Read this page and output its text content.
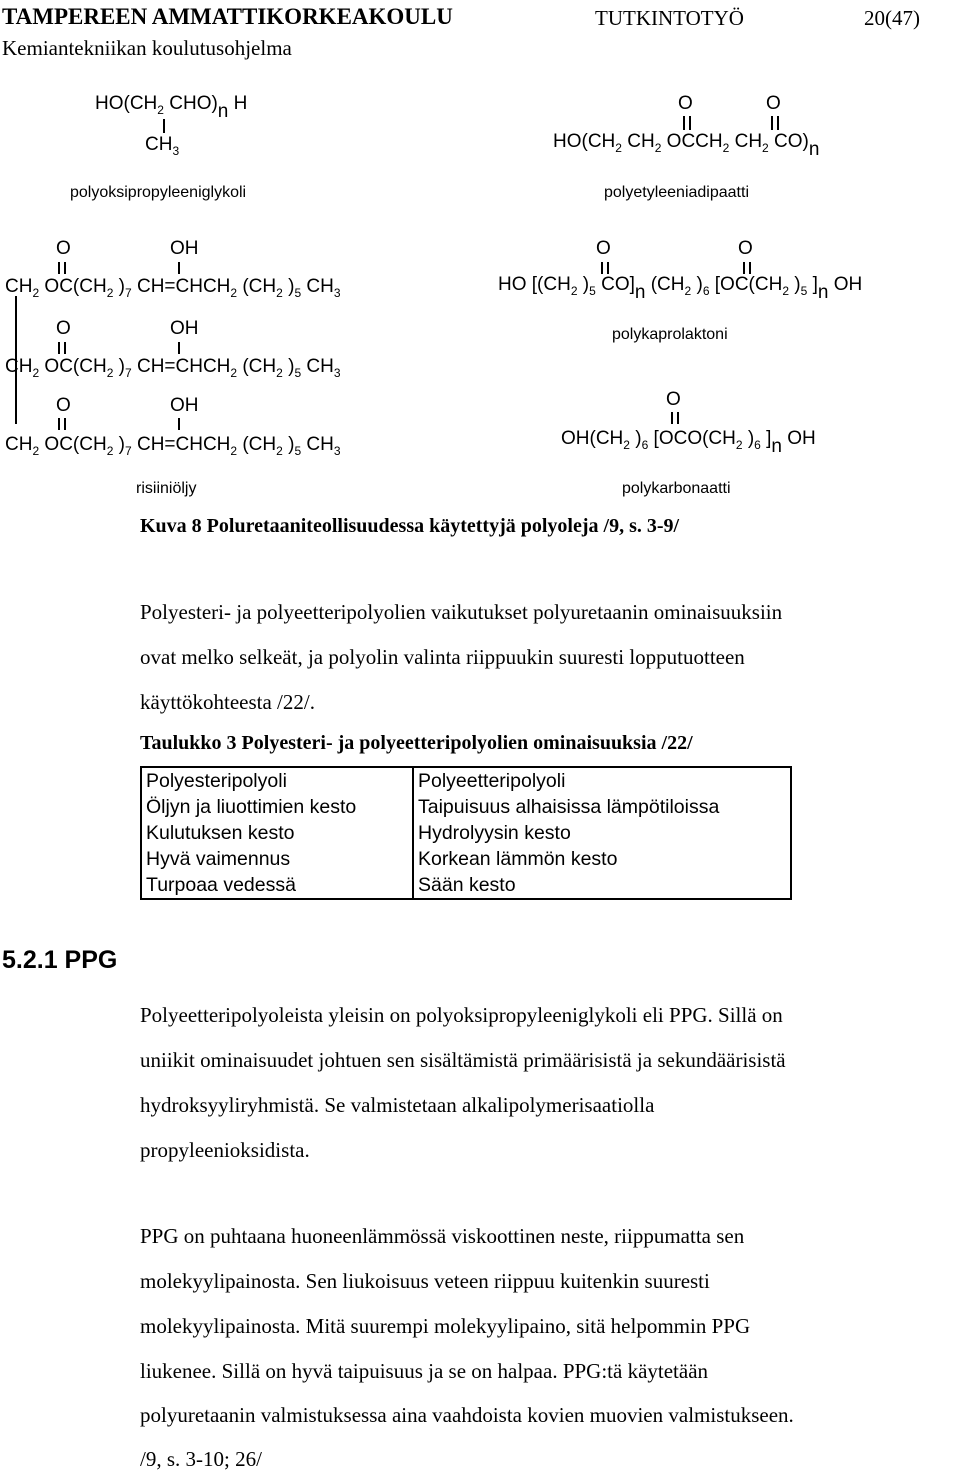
TAMPEREEN AMMATTIKORKEAKOULU	TUTKINTOTYÖ	20(47)
Kemiantekniikan koulutusohjelma
$HO(CH_2$ CHO)n H
$CH_3$
polyoksipropyleeniglykoli
O	O
$HO(CH_2$ $CH_2$ $OCCH_2$ $CH_2$ CO)n
polyetyleeniadipaatti
O	OH
$CH_2$ $OC(CH_2$ )$_7$ $CH=CHCH_2$ ($CH_2$ )$_5$ $CH_3$
O	OH
$CH_2$ $OC(CH_2$ )$_7$ $CH=CHCH_2$ ($CH_2$ )$_5$ $CH_3$
O	OH
$CH_2$ $OC(CH_2$ )$_7$ $CH=CHCH_2$ ($CH_2$ )$_5$ $CH_3$
risiiniöljy
O	O
HO [($CH_2$ )$_5$ CO]n ($CH_2$ )$_6$ [$OC(CH_2$ )$_5$ ]n OH
polykaprolaktoni
O
$OH(CH_2$ )$_6$ [$OCO(CH_2$ )$_6$ ]n OH
polykarbonaatti
Kuva 8 Poluretaaniteollisuudessa käytettyjä polyoleja /9, s. 3-9/
Polyesteri- ja polyeetteripolyolien vaikutukset polyuretaanin ominaisuuksiin
ovat melko selkeät, ja polyolin valinta riippuukin suuresti lopputuotteen
käyttökohteesta /22/.
Taulukko 3 Polyesteri- ja polyeetteripolyolien ominaisuuksia /22/
Polyesteripolyoli	Polyeetteripolyoli
Öljyn ja liuottimien kesto	Taipuisuus alhaisissa lämpötiloissa
Kulutuksen kesto	Hydrolyysin kesto
Hyvä vaimennus	Korkean lämmön kesto
Turpoaa vedessä	Sään kesto
5.2.1 PPG
Polyeetteripolyoleista yleisin on polyoksipropyleeniglykoli eli PPG. Sillä on
uniikit ominaisuudet johtuen sen sisältämistä primäärisistä ja sekundäärisistä
hydroksyyliryhmistä. Se valmistetaan alkalipolymerisaatiolla
propyleenioksidista.
PPG on puhtaana huoneenlämmössä viskoottinen neste, riippumatta sen
molekyylipainosta. Sen liukoisuus veteen riippuu kuitenkin suuresti
molekyylipainosta. Mitä suurempi molekyylipaino, sitä helpommin PPG
liukenee. Sillä on hyvä taipuisuus ja se on halpaa. PPG:tä käytetään
polyuretaanin valmistuksessa aina vaahdoista kovien muovien valmistukseen.
/9, s. 3-10; 26/
